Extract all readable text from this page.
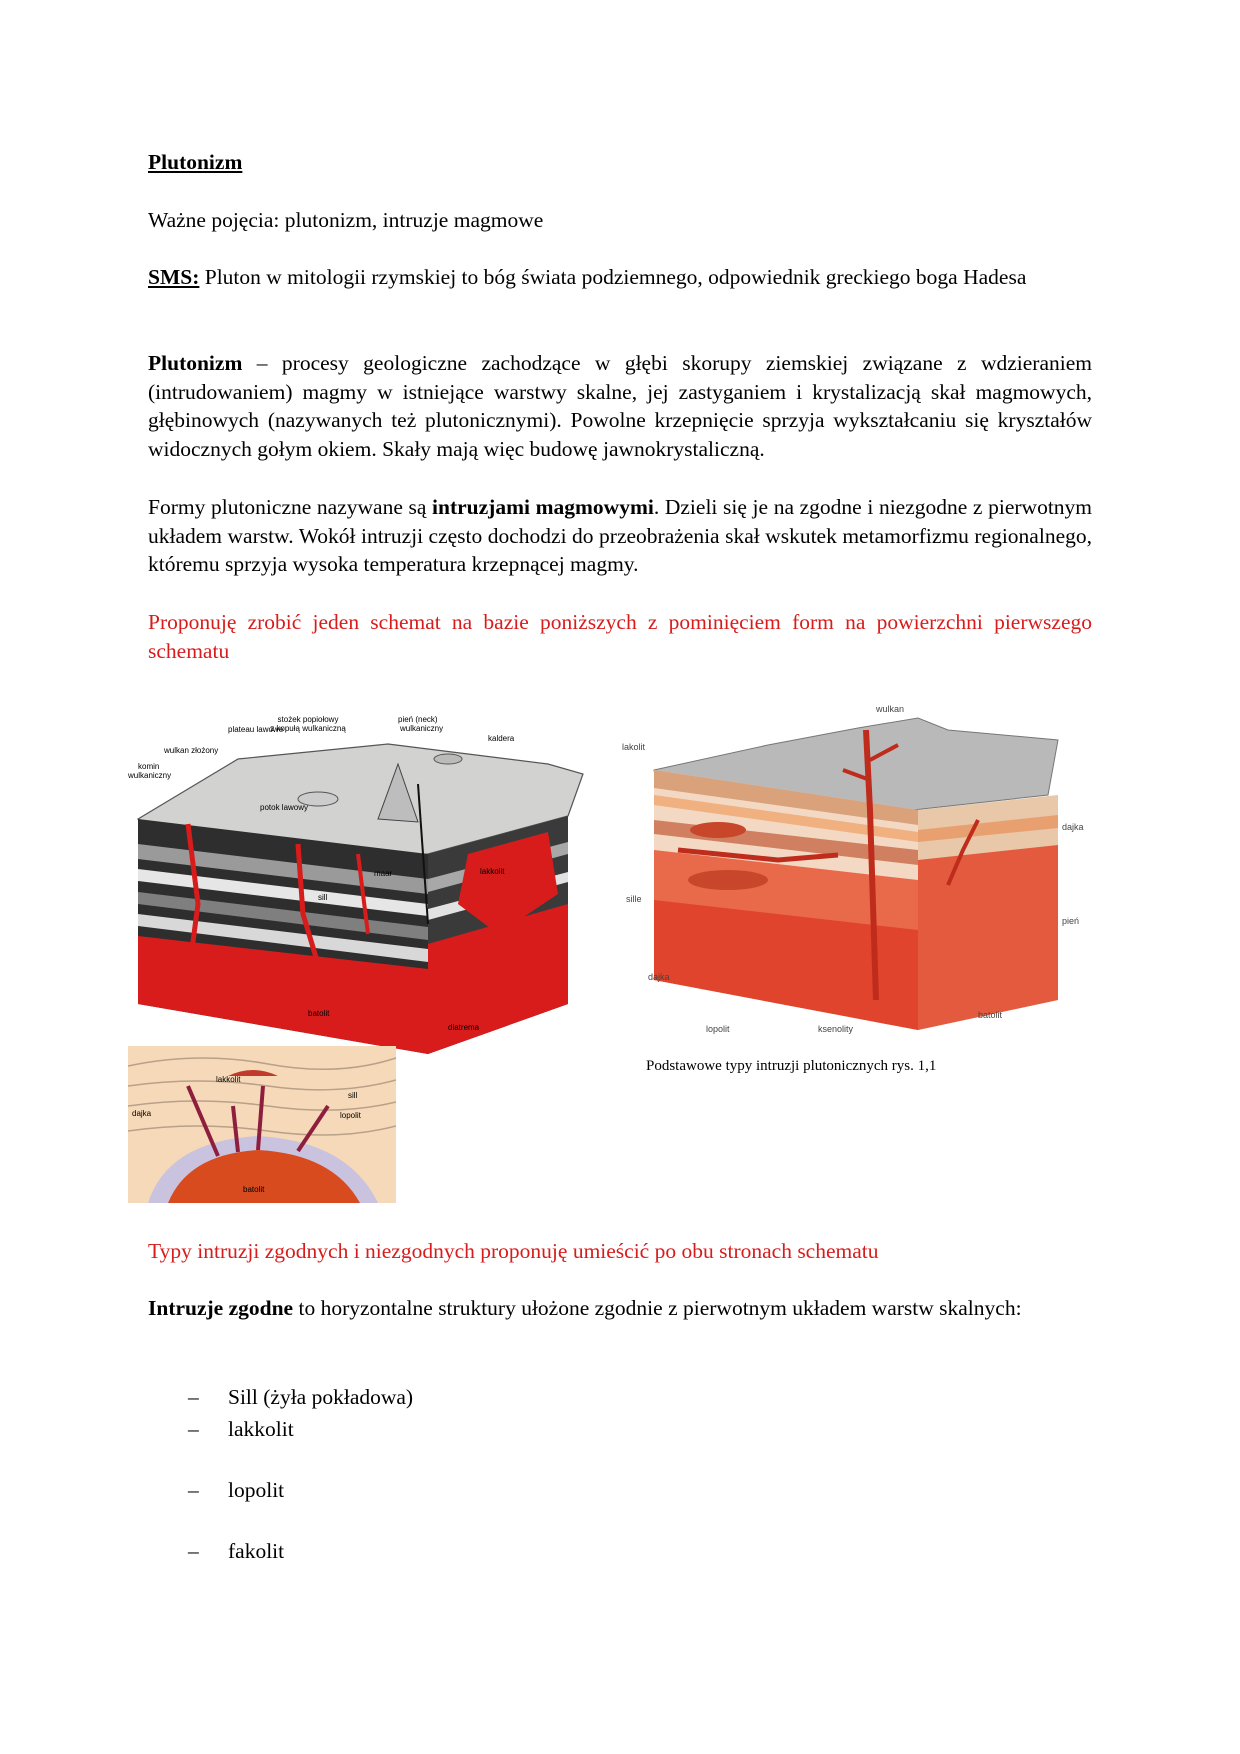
Plutonizm
Ważne pojęcia: plutonizm, intruzje magmowe
SMS: Pluton w mitologii rzymskiej to bóg świata podziemnego, odpowiednik greckiego boga Hadesa
Plutonizm – procesy geologiczne zachodzące w głębi skorupy ziemskiej związane z wdzieraniem (intrudowaniem) magmy w istniejące warstwy skalne, jej zastyganiem i krystalizacją skał magmowych, głębinowych (nazywanych też plutonicznymi). Powolne krzepnięcie sprzyja wykształcaniu się kryształów widocznych gołym okiem. Skały mają więc budowę jawnokrystaliczną.
Formy plutoniczne nazywane są intruzjami magmowymi. Dzieli się je na zgodne i niezgodne z pierwotnym układem warstw. Wokół intruzji często dochodzi do przeobrażenia skał wskutek metamorfizmu regionalnego, któremu sprzyja wysoka temperatura krzepnącej magmy.
Proponuję zrobić jeden schemat na bazie poniższych z pominięciem form na powierzchni pierwszego schematu
stożek popiołowy
z kopułą wulkaniczną
plateau lawowe
pień (neck)
wulkaniczny
kaldera
wulkan złożony
komin
wulkaniczny
potok lawowy
maar
batolit
diatrema
sill
lakkolit
wulkan
lakolit
dajka
sille
pień
dajka
lopolit	ksenolity
batolit
Podstawowe typy intruzji plutonicznych rys. 1,1
lakkolit
sill
dajka	lopolit
batolit
Typy intruzji zgodnych i niezgodnych proponuję umieścić po obu stronach schematu
Intruzje zgodne to horyzontalne struktury ułożone zgodnie z pierwotnym układem warstw skalnych:
– Sill (żyła pokładowa)
– lakkolit
– lopolit
– fakolit
